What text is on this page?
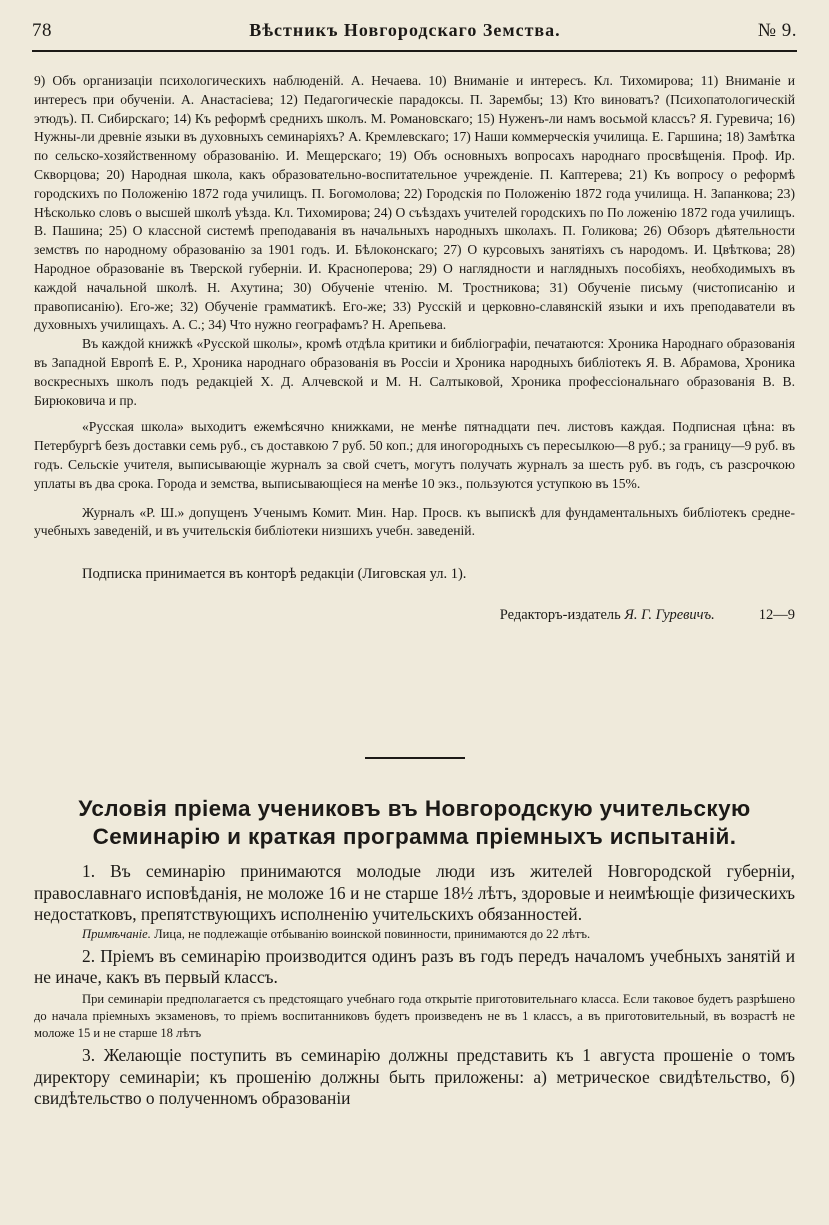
78	Вѣстникъ Новгородскаго Земства.	№ 9.

9) Объ организаціи психологическихъ наблюденій. А. Нечаева. 10) Вниманіе и интересъ. Кл. Тихомирова; 11) Вниманіе и интересъ при обученіи. А. Анастасіева; 12) Педагогическіе парадоксы. П. Зарембы; 13) Кто виноватъ? (Психопатологическій этюдъ). П. Сибирскаго; 14) Къ реформѣ среднихъ школъ. М. Романовскаго; 15) Нуженъ-ли намъ восьмой классъ? Я. Гуревича; 16) Нужны-ли древніе языки въ духовныхъ семинаріяхъ? А. Кремлевскаго; 17) Наши коммерческія училища. Е. Гаршина; 18) Замѣтка по сельско-хозяйственному образованію. И. Мещерскаго; 19) Объ основныхъ вопросахъ народнаго просвѣщенія. Проф. Ир. Скворцова; 20) Народная школа, какъ образовательно-воспитательное учрежденіе. П. Каптерева; 21) Къ вопросу о реформѣ городскихъ по Положенію 1872 года училищъ. П. Богомолова; 22) Городскія по Положенію 1872 года училища. Н. Запанкова; 23) Нѣсколько словъ о высшей школѣ уѣзда. Кл. Тихомирова; 24) О съѣздахъ учителей городскихъ по По ложенію 1872 года училищъ. В. Пашина; 25) О классной системѣ преподаванія въ начальныхъ народныхъ школахъ. П. Голикова; 26) Обзоръ дѣятельности земствъ по народному образованію за 1901 годъ. И. Бѣлоконскаго; 27) О курсовыхъ занятіяхъ съ народомъ. И. Цвѣткова; 28) Народное образованіе въ Тверской губерніи. И. Красноперова; 29) О наглядности и наглядныхъ пособіяхъ, необходимыхъ въ каждой начальной школѣ. Н. Ахутина; 30) Обученіе чтенію. М. Тростникова; 31) Обученіе письму (чистописанію и правописанію). Его-же; 32) Обученіе грамматикѣ. Его-же; 33) Русскій и церковно-славянскій языки и ихъ преподаватели въ духовныхъ училищахъ. А. С.; 34) Что нужно географамъ? Н. Арепьева.

Въ каждой книжкѣ «Русской школы», кромѣ отдѣла критики и библіографіи, печатаются: Хроника Народнаго образованія въ Западной Европѣ Е. Р., Хроника народнаго образованія въ Россіи и Хроника народныхъ библіотекъ Я. В. Абрамова, Хроника воскресныхъ школъ подъ редакціей Х. Д. Алчевской и М. Н. Салтыковой, Хроника профессіональнаго образованія В. В. Бирюковича и пр.

«Русская школа» выходитъ ежемѣсячно книжками, не менѣе пятнадцати печ. листовъ каждая. Подписная цѣна: въ Петербургѣ безъ доставки семь руб., съ доставкою 7 руб. 50 коп.; для иногородныхъ съ пересылкою—8 руб.; за границу—9 руб. въ годъ. Сельскіе учителя, выписывающіе журналъ за свой счетъ, могутъ получать журналъ за шесть руб. въ годъ, съ разсрочкою уплаты въ два срока. Города и земства, выписывающіеся на менѣе 10 экз., пользуются уступкою въ 15%.

Журналъ «Р. Ш.» допущенъ Ученымъ Комит. Мин. Нар. Просв. къ выпискѣ для фундаментальныхъ библіотекъ средне-учебныхъ заведеній, и въ учительскія библіотеки низшихъ учебн. заведеній.

Подписка принимается въ конторѣ редакціи (Лиговская ул. 1).

Редакторъ-издатель Я. Г. Гуревичъ.	12—9
Условія пріема учениковъ въ Новгородскую учительскую Семинарію и краткая программа пріемныхъ испытаній.

1. Въ семинарію принимаются молодые люди изъ жителей Новгородской губерніи, православнаго исповѣданія, не моложе 16 и не старше 18½ лѣтъ, здоровые и неимѣющіе физическихъ недостатковъ, препятствующихъ исполненію учительскихъ обязанностей.

Примѣчаніе. Лица, не подлежащіе отбыванію воинской повинности, принимаются до 22 лѣтъ.

2. Пріемъ въ семинарію производится одинъ разъ въ годъ передъ началомъ учебныхъ занятій и не иначе, какъ въ первый классъ.

При семинаріи предполагается съ предстоящаго учебнаго года открытіе приготовительнаго класса. Если таковое будетъ разрѣшено до начала пріемныхъ экзаменовъ, то пріемъ воспитанниковъ будетъ произведенъ не въ 1 классъ, а въ приготовительный, въ возрастѣ не моложе 15 и не старше 18 лѣтъ

3. Желающіе поступить въ семинарію должны представить къ 1 августа прошеніе о томъ директору семинаріи; къ прошенію должны быть приложены: а) метрическое свидѣтельство, б) свидѣтельство о полученномъ образованіи
